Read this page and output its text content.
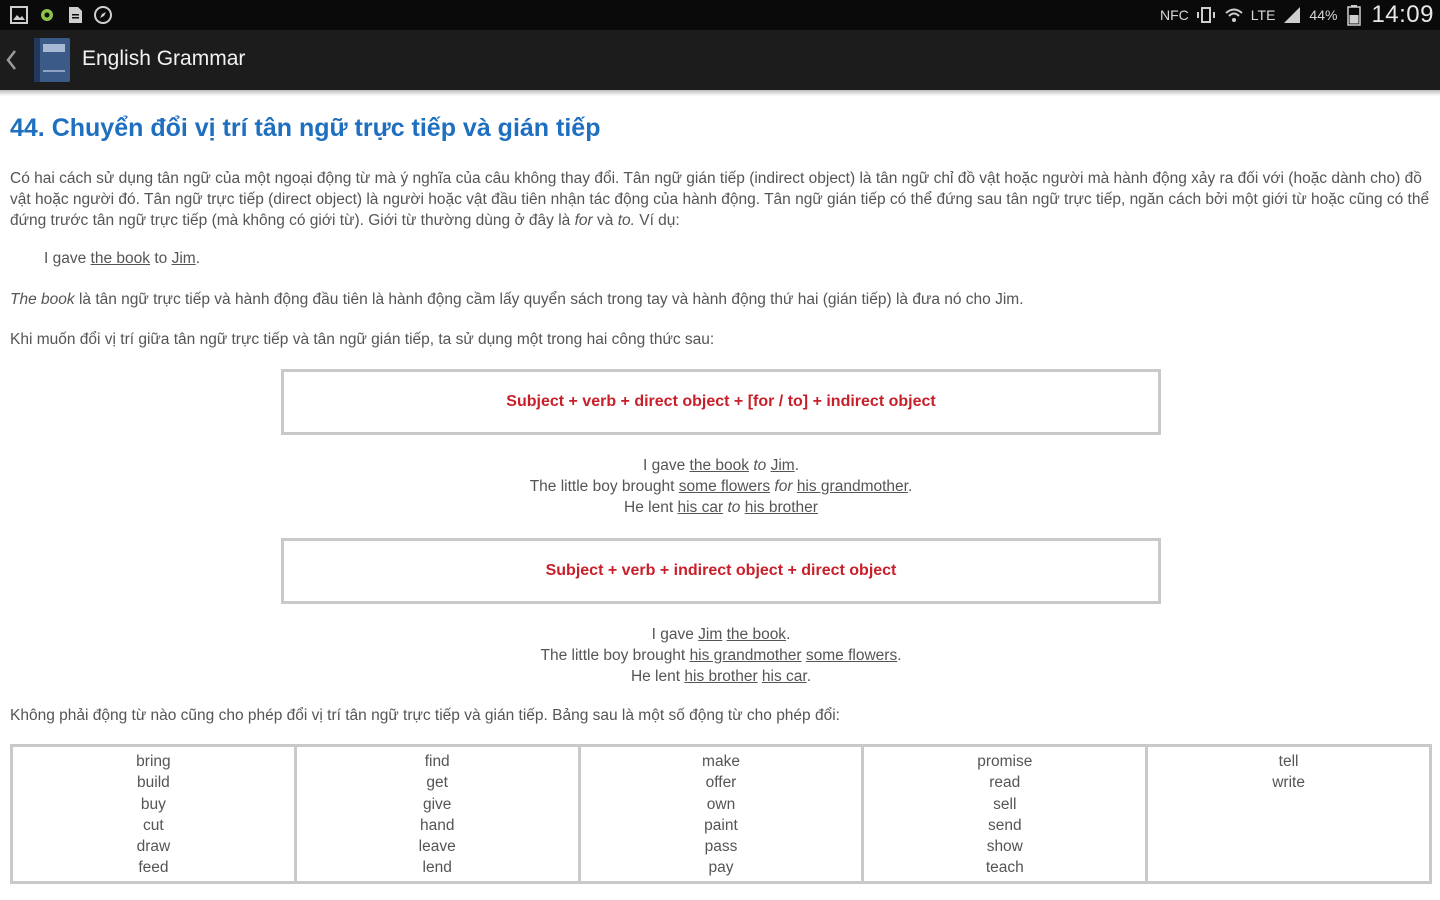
NFC	LTE 44% 14:09
English Grammar
44. Chuyển đổi vị trí tân ngữ trực tiếp và gián tiếp
Có hai cách sử dụng tân ngữ của một ngoại động từ mà ý nghĩa của câu không thay đổi. Tân ngữ gián tiếp (indirect object) là tân ngữ chỉ đồ vật hoặc người mà hành động xảy ra đối với (hoặc dành cho) đồ vật hoặc người đó. Tân ngữ trực tiếp (direct object) là người hoặc vật đầu tiên nhận tác động của hành động. Tân ngữ gián tiếp có thể đứng sau tân ngữ trực tiếp, ngăn cách bởi một giới từ hoặc cũng có thể đứng trước tân ngữ trực tiếp (mà không có giới từ). Giới từ thường dùng ở đây là for và to. Ví dụ:
I gave the book to Jim.
The book là tân ngữ trực tiếp và hành động đầu tiên là hành động cầm lấy quyển sách trong tay và hành động thứ hai (gián tiếp) là đưa nó cho Jim.
Khi muốn đổi vị trí giữa tân ngữ trực tiếp và tân ngữ gián tiếp, ta sử dụng một trong hai công thức sau:
Subject + verb + direct object + [for / to] + indirect object
I gave the book to Jim.
The little boy brought some flowers for his grandmother.
He lent his car to his brother
Subject + verb + indirect object + direct object
I gave Jim the book.
The little boy brought his grandmother some flowers.
He lent his brother his car.
Không phải động từ nào cũng cho phép đổi vị trí tân ngữ trực tiếp và gián tiếp. Bảng sau là một số động từ cho phép đổi:
bring
build
buy
cut
draw
feed
find
get
give
hand
leave
lend
make
offer
own
paint
pass
pay
promise
read
sell
send
show
teach
tell
write
